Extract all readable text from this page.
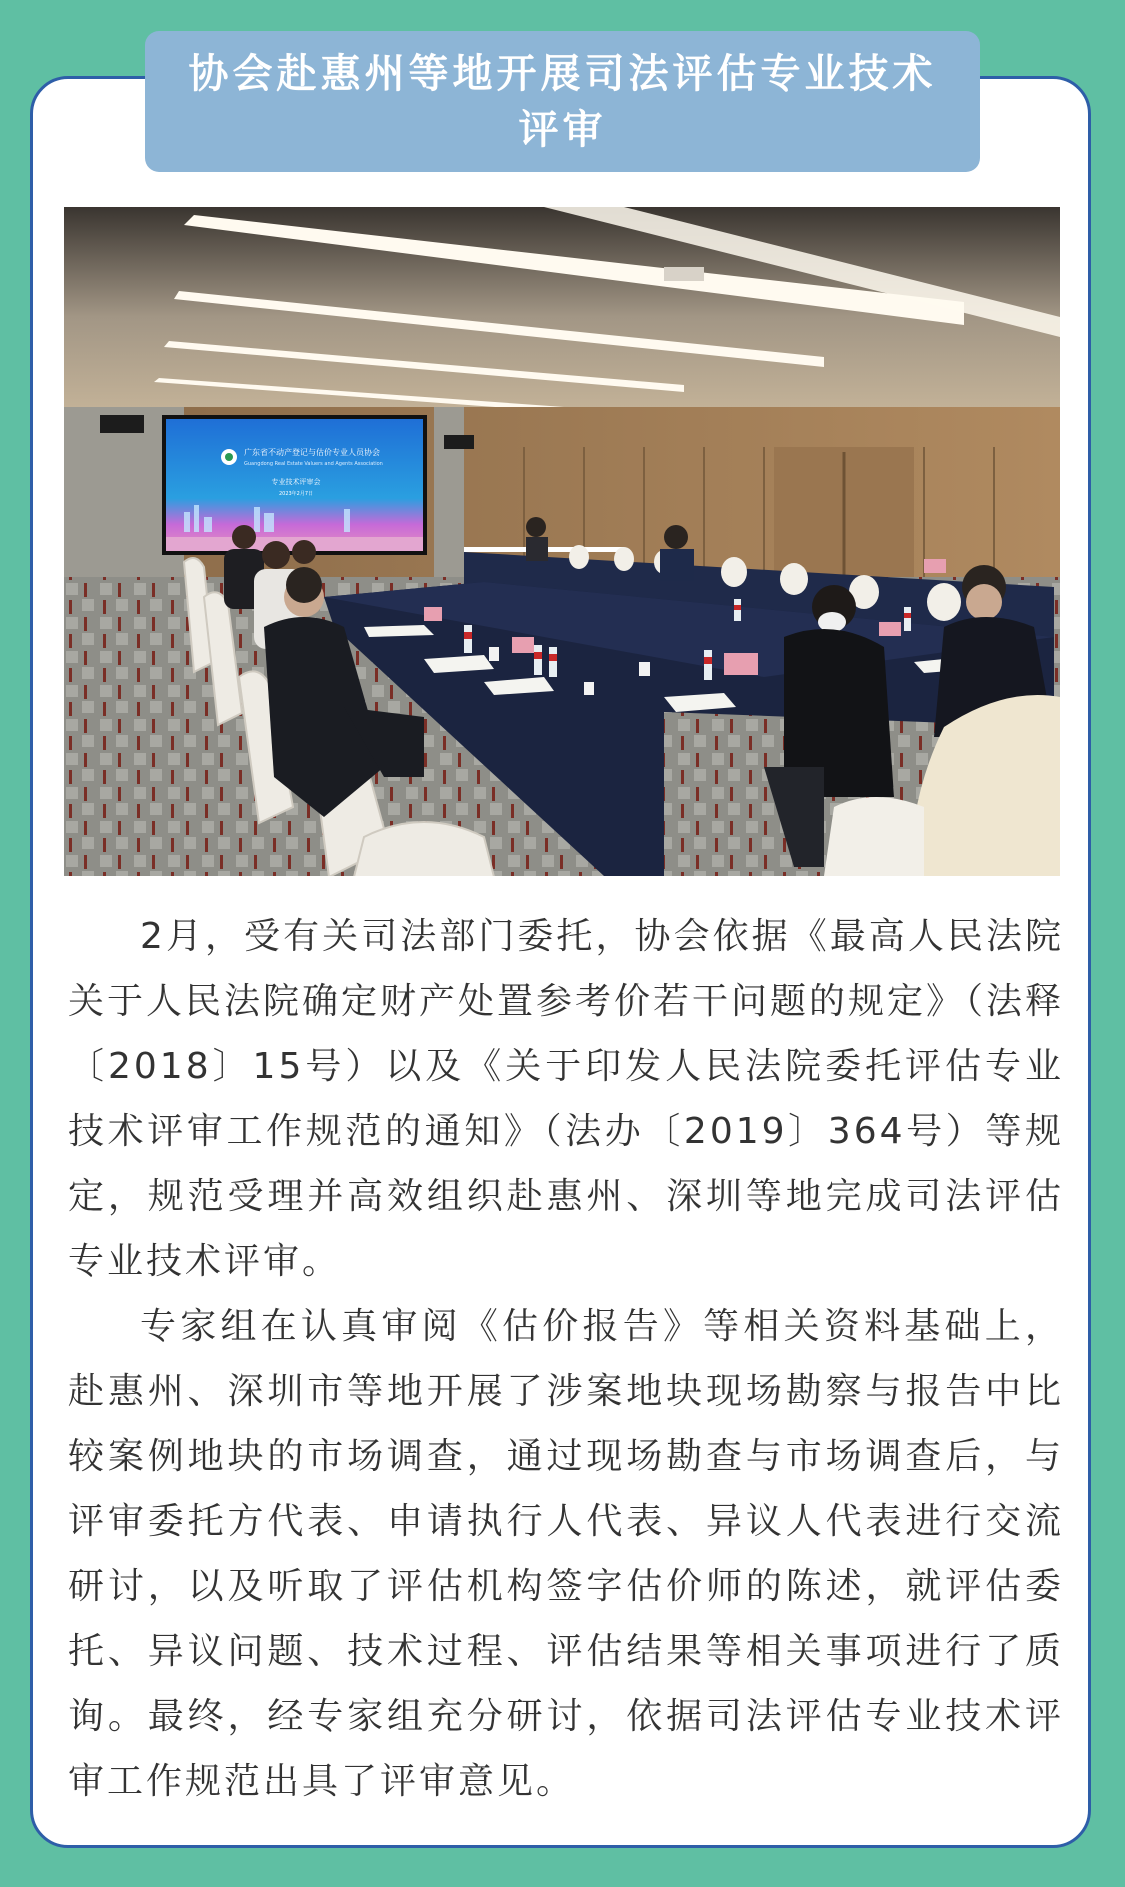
协会赴惠州等地开展司法评估专业技术评审
广东省不动产登记与估价专业人员协会
Guangdong Real Estate Valuers and Agents Association
专业技术评审会
2023年2月7日

2月，受有关司法部门委托，协会依据《最高人民法院关于人民法院确定财产处置参考价若干问题的规定》（法释〔2018〕15号）以及《关于印发人民法院委托评估专业技术评审工作规范的通知》（法办〔2019〕364号）等规定，规范受理并高效组织赴惠州、深圳等地完成司法评估专业技术评审。

专家组在认真审阅《估价报告》等相关资料基础上，赴惠州、深圳市等地开展了涉案地块现场勘察与报告中比较案例地块的市场调查，通过现场勘查与市场调查后，与评审委托方代表、申请执行人代表、异议人代表进行交流研讨，以及听取了评估机构签字估价师的陈述，就评估委托、异议问题、技术过程、评估结果等相关事项进行了质询。最终，经专家组充分研讨，依据司法评估专业技术评审工作规范出具了评审意见。
